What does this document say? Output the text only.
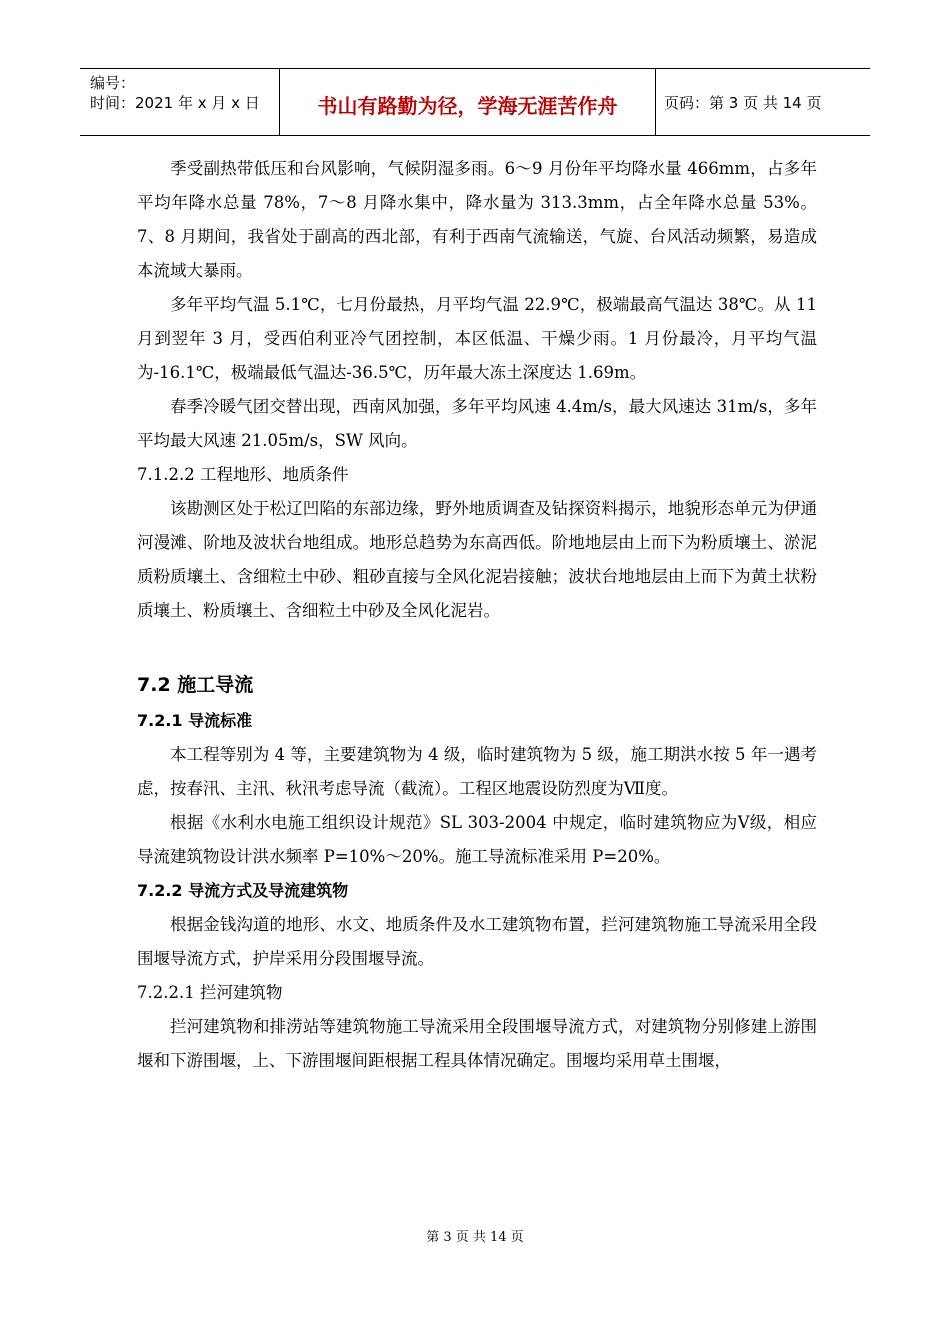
编号：
时间：2021 年 x 月 x 日	书山有路勤为径，学海无涯苦作舟	页码：第 3 页 共 14 页

季受副热带低压和台风影响，气候阴湿多雨。6～9 月份年平均降水量 466mm，占多年平均年降水总量 78%，7～8 月降水集中，降水量为 313.3mm，占全年降水总量 53%。7、8 月期间，我省处于副高的西北部，有利于西南气流输送，气旋、台风活动频繁，易造成本流域大暴雨。

多年平均气温 5.1℃，七月份最热，月平均气温 22.9℃，极端最高气温达 38℃。从 11 月到翌年 3 月，受西伯利亚冷气团控制，本区低温、干燥少雨。1 月份最冷，月平均气温为-16.1℃，极端最低气温达-36.5℃，历年最大冻土深度达 1.69m。

春季冷暖气团交替出现，西南风加强，多年平均风速 4.4m/s，最大风速达 31m/s，多年平均最大风速 21.05m/s，SW 风向。

7.1.2.2 工程地形、地质条件

该勘测区处于松辽凹陷的东部边缘，野外地质调查及钻探资料揭示，地貌形态单元为伊通河漫滩、阶地及波状台地组成。地形总趋势为东高西低。阶地地层由上而下为粉质壤土、淤泥质粉质壤土、含细粒土中砂、粗砂直接与全风化泥岩接触；波状台地地层由上而下为黄土状粉质壤土、粉质壤土、含细粒土中砂及全风化泥岩。

7.2 施工导流

7.2.1 导流标准

本工程等别为 4 等，主要建筑物为 4 级，临时建筑物为 5 级，施工期洪水按 5 年一遇考虑，按春汛、主汛、秋汛考虑导流（截流）。工程区地震设防烈度为Ⅶ度。

根据《水利水电施工组织设计规范》SL 303-2004 中规定，临时建筑物应为Ⅴ级，相应导流建筑物设计洪水频率 P=10%～20%。施工导流标准采用 P=20%。

7.2.2 导流方式及导流建筑物

根据金钱沟道的地形、水文、地质条件及水工建筑物布置，拦河建筑物施工导流采用全段围堰导流方式，护岸采用分段围堰导流。

7.2.2.1 拦河建筑物

拦河建筑物和排涝站等建筑物施工导流采用全段围堰导流方式，对建筑物分别修建上游围堰和下游围堰，上、下游围堰间距根据工程具体情况确定。围堰均采用草土围堰，

第 3 页 共 14 页
